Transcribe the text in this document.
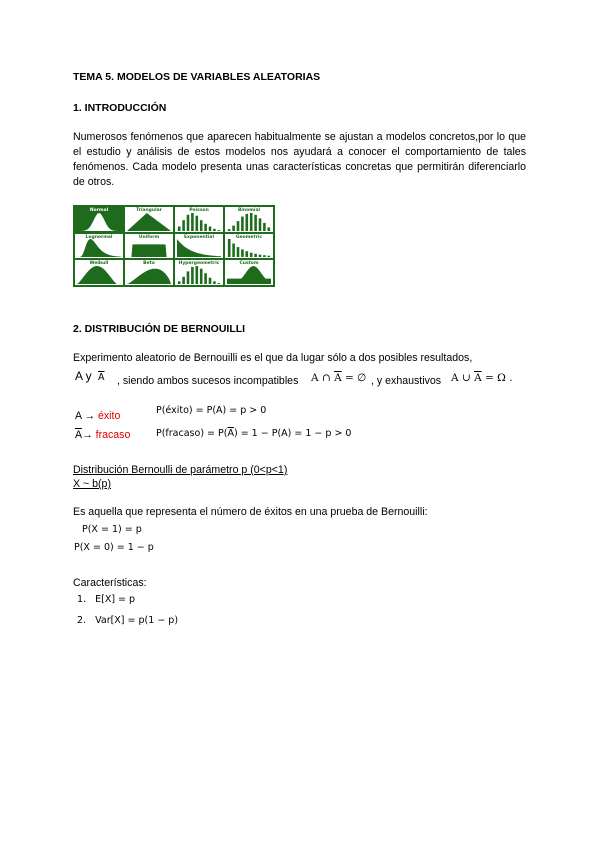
TEMA 5. MODELOS DE VARIABLES ALEATORIAS
1. INTRODUCCIÓN
Numerosos fenómenos que aparecen habitualmente se ajustan a modelos concretos,por lo que el estudio y análisis de estos modelos nos ayudará a conocer el comportamiento de tales fenómenos. Cada modelo presenta unas características concretas que permitirán diferenciarlo de otros.
Normal	Triangular	Poisson	Binomial
Lognormal	Uniform	Exponential	Geometric
Weibull	Beta	Hypergeometric	Custom
2. DISTRIBUCIÓN DE BERNOUILLI
Experimento aleatorio de Bernouilli es el que da lugar sólo a dos posibles resultados,
A y $\overline{A}$ , siendo ambos sucesos incompatibles A ∩ $\overline{A}$ = ∅ , y exhaustivos A ∪ $\overline{A} = \Omega$ .
A → éxito	P(éxito) = P(A) = p > 0
$\overline{A}\to$ fracaso	P(fracaso) = $P(\overline{A}) = 1 - P(A) = 1 - p > 0$
Distribución Bernoulli de parámetro p (0<p<1)
X ~ b(p)
Es aquella que representa el número de éxitos en una prueba de Bernouilli:
P(X = 1) = p
P(X = 0) = 1 − p
Características:
1. E[X] = p
2. Var[X] = p(1 − p)
